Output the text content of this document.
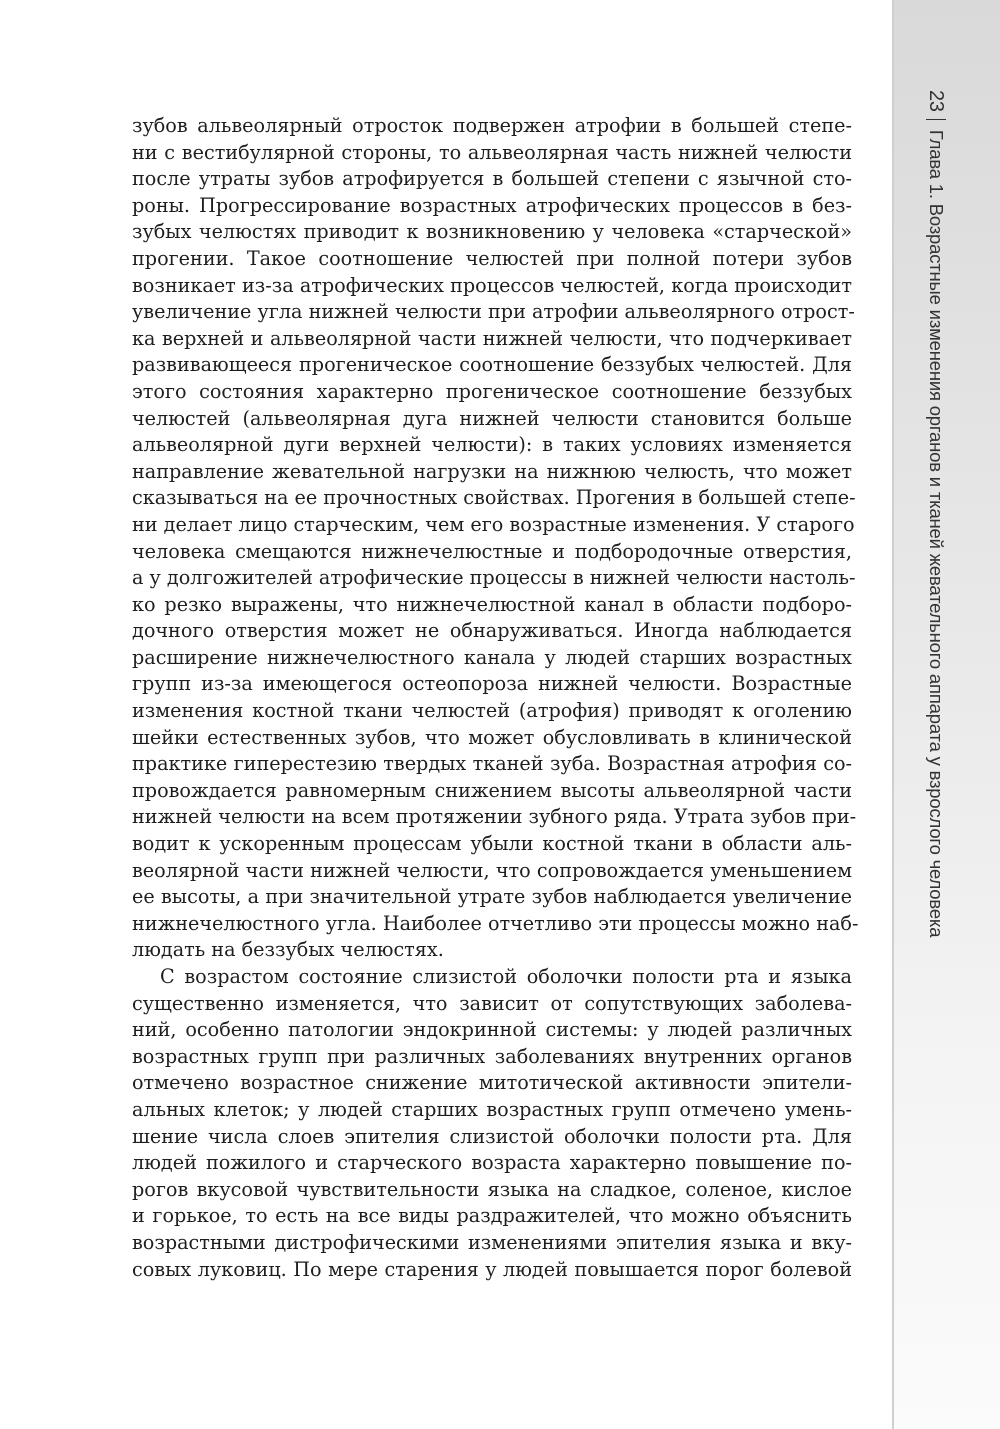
23
Глава 1. Возрастные изменения органов и тканей жевательного аппарата у взрослого человека
зубов альвеолярный отросток подвержен атрофии в большей степе-
ни с вестибулярной стороны, то альвеолярная часть нижней челюсти
после утраты зубов атрофируется в большей степени с язычной сто-
роны. Прогрессирование возрастных атрофических процессов в без-
зубых челюстях приводит к возникновению у человека «старческой»
прогении. Такое соотношение челюстей при полной потери зубов
возникает из-за атрофических процессов челюстей, когда происходит
увеличение угла нижней челюсти при атрофии альвеолярного отрост-
ка верхней и альвеолярной части нижней челюсти, что подчеркивает
развивающееся прогеническое соотношение беззубых челюстей. Для
этого состояния характерно прогеническое соотношение беззубых
челюстей (альвеолярная дуга нижней челюсти становится больше
альвеолярной дуги верхней челюсти): в таких условиях изменяется
направление жевательной нагрузки на нижнюю челюсть, что может
сказываться на ее прочностных свойствах. Прогения в большей степе-
ни делает лицо старческим, чем его возрастные изменения. У старого
человека смещаются нижнечелюстные и подбородочные отверстия,
а у долгожителей атрофические процессы в нижней челюсти настоль-
ко резко выражены, что нижнечелюстной канал в области подборо-
дочного отверстия может не обнаруживаться. Иногда наблюдается
расширение нижнечелюстного канала у людей старших возрастных
групп из-за имеющегося остеопороза нижней челюсти. Возрастные
изменения костной ткани челюстей (атрофия) приводят к оголению
шейки естественных зубов, что может обусловливать в клинической
практике гиперестезию твердых тканей зуба. Возрастная атрофия со-
провождается равномерным снижением высоты альвеолярной части
нижней челюсти на всем протяжении зубного ряда. Утрата зубов при-
водит к ускоренным процессам убыли костной ткани в области аль-
веолярной части нижней челюсти, что сопровождается уменьшением
ее высоты, а при значительной утрате зубов наблюдается увеличение
нижнечелюстного угла. Наиболее отчетливо эти процессы можно наб-
людать на беззубых челюстях.
С возрастом состояние слизистой оболочки полости рта и языка
существенно изменяется, что зависит от сопутствующих заболева-
ний, особенно патологии эндокринной системы: у людей различных
возрастных групп при различных заболеваниях внутренних органов
отмечено возрастное снижение митотической активности эпители-
альных клеток; у людей старших возрастных групп отмечено умень-
шение числа слоев эпителия слизистой оболочки полости рта. Для
людей пожилого и старческого возраста характерно повышение по-
рогов вкусовой чувствительности языка на сладкое, соленое, кислое
и горькое, то есть на все виды раздражителей, что можно объяснить
возрастными дистрофическими изменениями эпителия языка и вку-
совых луковиц. По мере старения у людей повышается порог болевой
